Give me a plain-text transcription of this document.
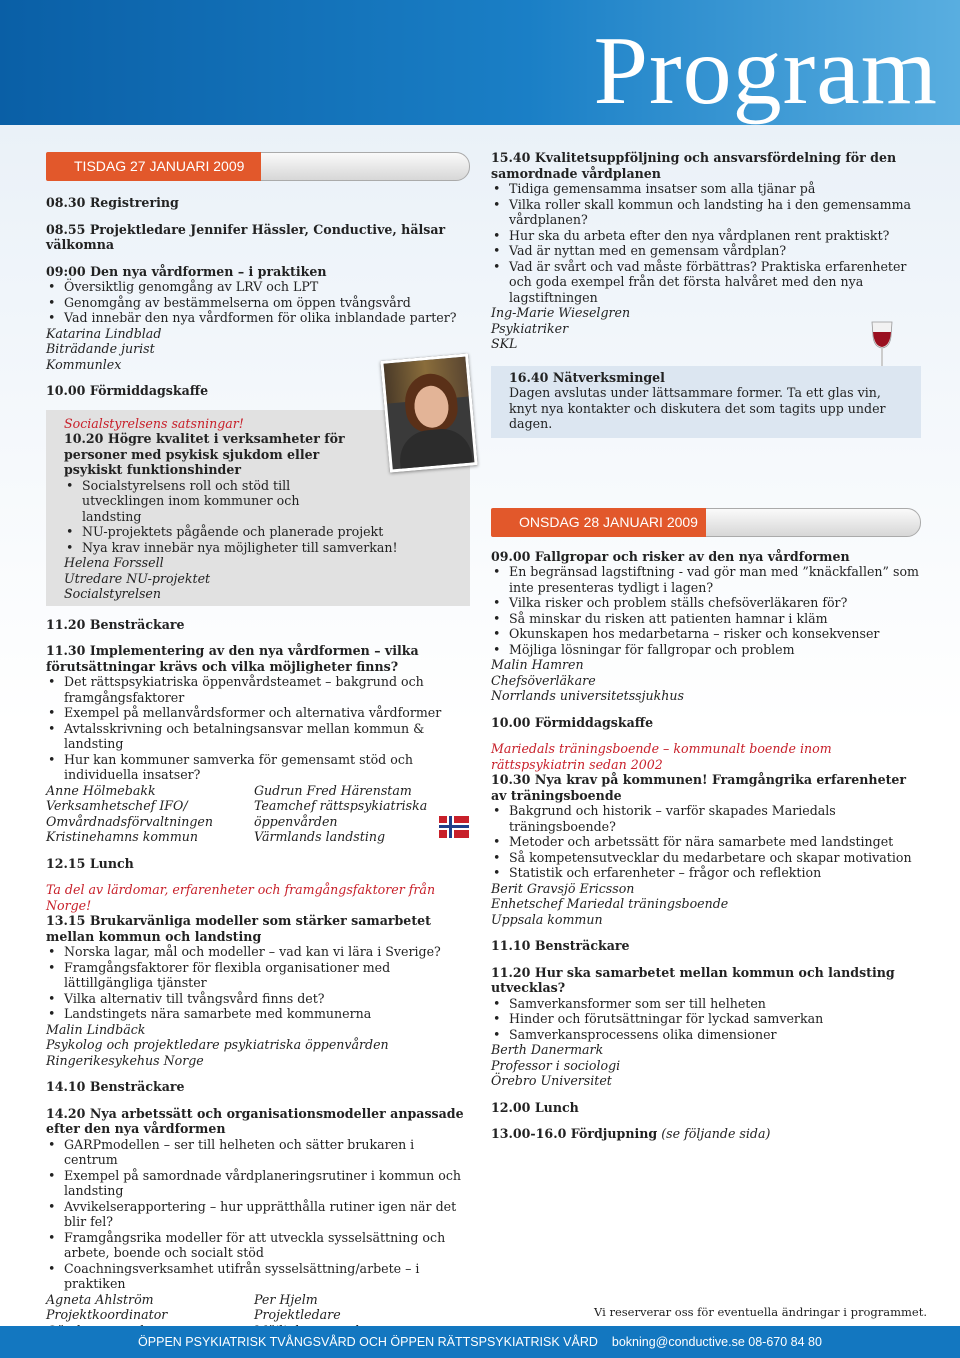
Program
TISDAG 27 JANUARI 2009
08.30 Registrering
08.55 Projektledare Jennifer Hässler, Conductive, hälsar välkomna
09:00 Den nya vårdformen – i praktiken
• Översiktlig genomgång av LRV och LPT
• Genomgång av bestämmelserna om öppen tvångsvård
• Vad innebär den nya vårdformen för olika inblandade parter?
Katarina Lindblad
Biträdande jurist
Kommunlex
10.00 Förmiddagskaffe
Socialstyrelsens satsningar!
10.20 Högre kvalitet i verksamheter för personer med psykisk sjukdom eller psykiskt funktionshinder
• Socialstyrelsens roll och stöd till utvecklingen inom kommuner och landsting
• NU-projektets pågående och planerade projekt
• Nya krav innebär nya möjligheter till samverkan!
Helena Forssell
Utredare NU-projektet
Socialstyrelsen
11.20 Bensträckare
11.30 Implementering av den nya vårdformen – vilka förutsättningar krävs och vilka möjligheter finns?
• Det rättspsykiatriska öppenvårdsteamet – bakgrund och framgångsfaktorer
• Exempel på mellanvårdsformer och alternativa vårdformer
• Avtalsskrivning och betalningsansvar mellan kommun & landsting
• Hur kan kommuner samverka för gemensamt stöd och individuella insatser?
Anne Hölmebakk
Verksamhetschef IFO/
Omvårdnadsförvaltningen
Kristinehamns kommun
Gudrun Fred Härenstam
Teamchef rättspsykiatriska
öppenvården
Värmlands landsting
12.15 Lunch
Ta del av lärdomar, erfarenheter och framgångsfaktorer från Norge!
13.15 Brukarvänliga modeller som stärker samarbetet mellan kommun och landsting
• Norska lagar, mål och modeller – vad kan vi lära i Sverige?
• Framgångsfaktorer för flexibla organisationer med lättillgängliga tjänster
• Vilka alternativ till tvångsvård finns det?
• Landstingets nära samarbete med kommunerna
Malin Lindbäck
Psykolog och projektledare psykiatriska öppenvården
Ringerikesykehus Norge
14.10 Bensträckare
14.20 Nya arbetssätt och organisationsmodeller anpassade efter den nya vårdformen
• GARPmodellen – ser till helheten och sätter brukaren i centrum
• Exempel på samordnade vårdplaneringsrutiner i kommun och landsting
• Avvikelserapportering – hur upprätthålla rutiner igen när det blir fel?
• Framgångsrika modeller för att utveckla sysselsättning och arbete, boende och socialt stöd
• Coachningsverksamhet utifrån sysselsättning/arbete – i praktiken
Agneta Ahlström
Projektkoordinator
Per Hjelm
Projektledare
15.40 Kvalitetsuppföljning och ansvarsfördelning för den samordnade vårdplanen
• Tidiga gemensamma insatser som alla tjänar på
• Vilka roller skall kommun och landsting ha i den gemensamma vårdplanen?
• Hur ska du arbeta efter den nya vårdplanen rent praktiskt?
• Vad är nyttan med en gemensam vårdplan?
• Vad är svårt och vad måste förbättras? Praktiska erfarenheter och goda exempel från det första halvåret med den nya lagstiftningen
Ing-Marie Wieselgren
Psykiatriker
SKL
16.40 Nätverksmingel
Dagen avslutas under lättsammare former. Ta ett glas vin, knyt nya kontakter och diskutera det som tagits upp under dagen.
ONSDAG 28 JANUARI 2009
09.00 Fallgropar och risker av den nya vårdformen
• En begränsad lagstiftning - vad gör man med ”knäckfallen” som inte presenteras tydligt i lagen?
• Vilka risker och problem ställs chefsöverläkaren för?
• Så minskar du risken att patienten hamnar i kläm
• Okunskapen hos medarbetarna – risker och konsekvenser
• Möjliga lösningar för fallgropar och problem
Malin Hamren
Chefsöverläkare
Norrlands universitetssjukhus
10.00 Förmiddagskaffe
Mariedals träningsboende – kommunalt boende inom rättspsykiatrin sedan 2002
10.30 Nya krav på kommunen! Framgångrika erfarenheter av träningsboende
• Bakgrund och historik – varför skapades Mariedals träningsboende?
• Metoder och arbetssätt för nära samarbete med landstinget
• Så kompetensutvecklar du medarbetare och skapar motivation
• Statistik och erfarenheter – frågor och reflektion
Berit Gravsjö Ericsson
Enhetschef Mariedal träningsboende
Uppsala kommun
11.10 Bensträckare
11.20 Hur ska samarbetet mellan kommun och landsting utvecklas?
• Samverkansformer som ser till helheten
• Hinder och förutsättningar för lyckad samverkan
• Samverkansprocessens olika dimensioner
Berth Danermark
Professor i sociologi
Örebro Universitet
12.00 Lunch
13.00-16.0 Fördjupning (se följande sida)
Vi reserverar oss för eventuella ändringar i programmet.
ÖPPEN PSYKIATRISK TVÅNGSVÅRD OCH ÖPPEN RÄTTSPSYKIATRISK VÅRD bokning@conductive.se 08-670 84 80
